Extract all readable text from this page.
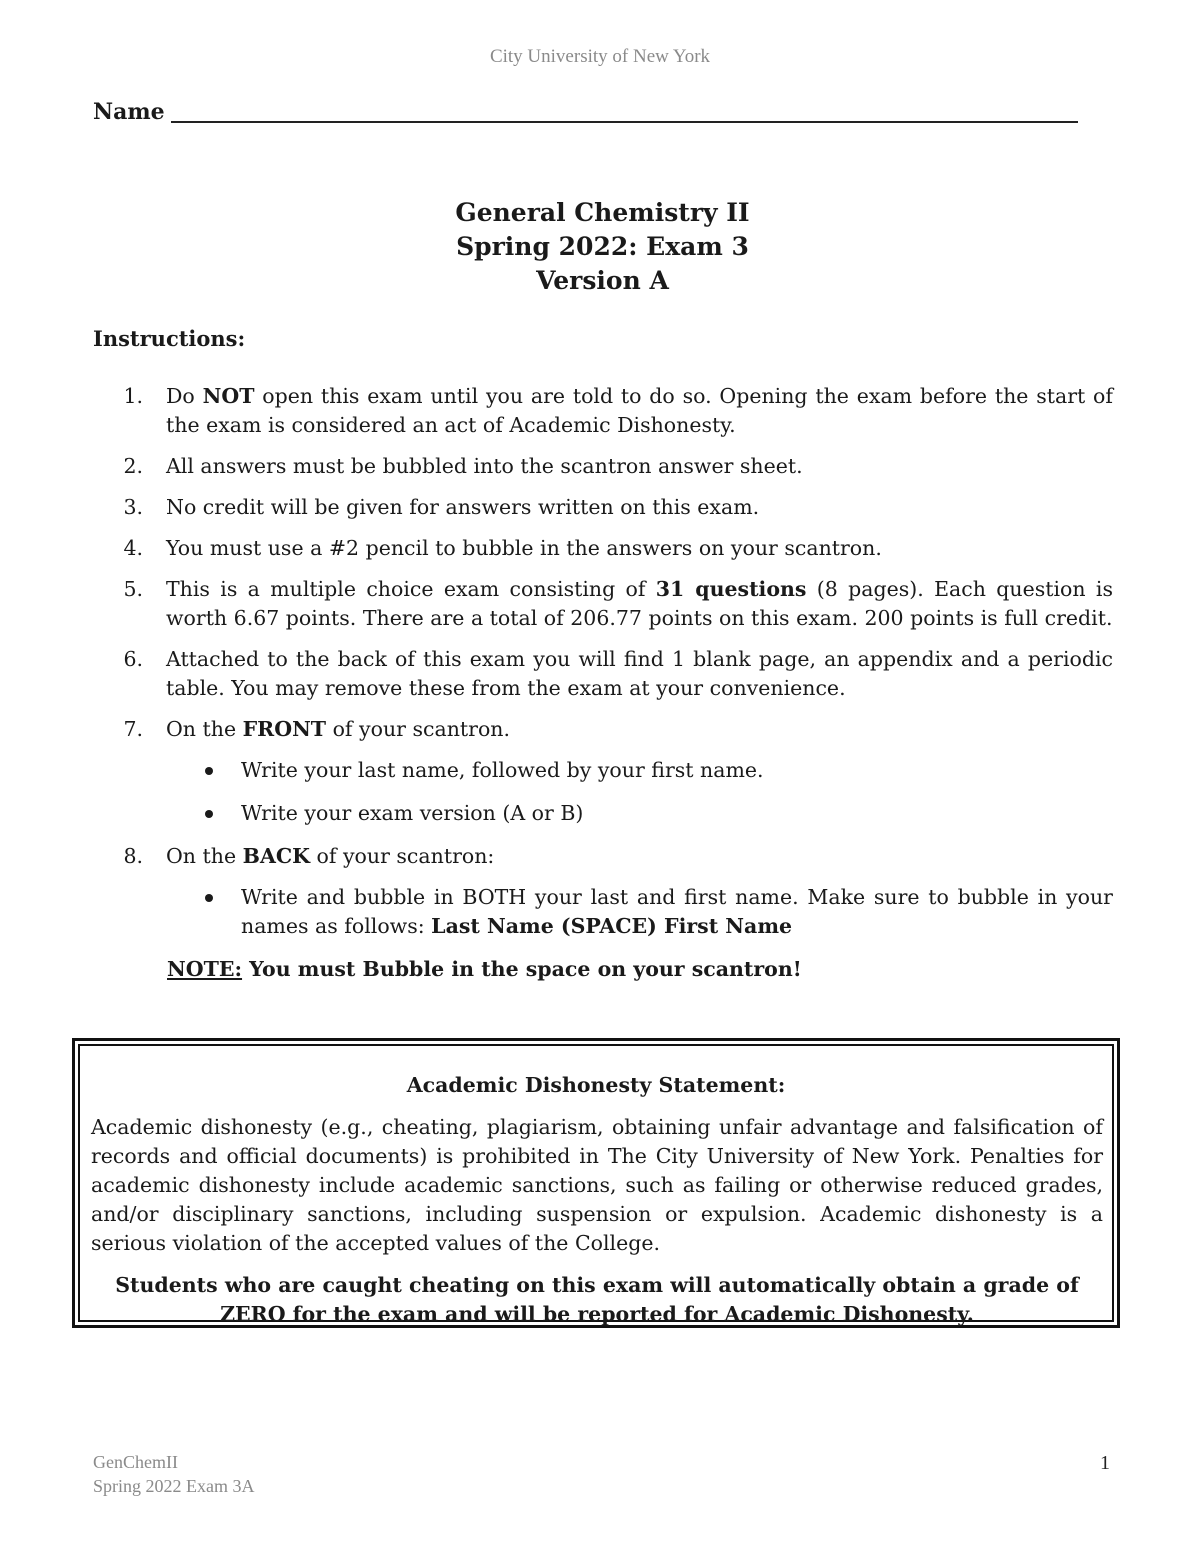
City University of New York
Name
General Chemistry II
Spring 2022: Exam 3
Version A
Instructions:
1.	Do NOT open this exam until you are told to do so. Opening the exam before the start of the exam is considered an act of Academic Dishonesty.
2.	All answers must be bubbled into the scantron answer sheet.
3.	No credit will be given for answers written on this exam.
4.	You must use a #2 pencil to bubble in the answers on your scantron.
5.	This is a multiple choice exam consisting of 31 questions (8 pages). Each question is worth 6.67 points. There are a total of 206.77 points on this exam. 200 points is full credit.
6.	Attached to the back of this exam you will find 1 blank page, an appendix and a periodic table. You may remove these from the exam at your convenience.
7.	On the FRONT of your scantron.
Write your last name, followed by your first name.
Write your exam version (A or B)
8.	On the BACK of your scantron:
Write and bubble in BOTH your last and first name. Make sure to bubble in your names as follows: Last Name (SPACE) First Name
NOTE: You must Bubble in the space on your scantron!
Academic Dishonesty Statement:
Academic dishonesty (e.g., cheating, plagiarism, obtaining unfair advantage and falsification of records and official documents) is prohibited in The City University of New York. Penalties for academic dishonesty include academic sanctions, such as failing or otherwise reduced grades, and/or disciplinary sanctions, including suspension or expulsion. Academic dishonesty is a serious violation of the accepted values of the College.
Students who are caught cheating on this exam will automatically obtain a grade of ZERO for the exam and will be reported for Academic Dishonesty.
GenChemII
Spring 2022 Exam 3A
1
